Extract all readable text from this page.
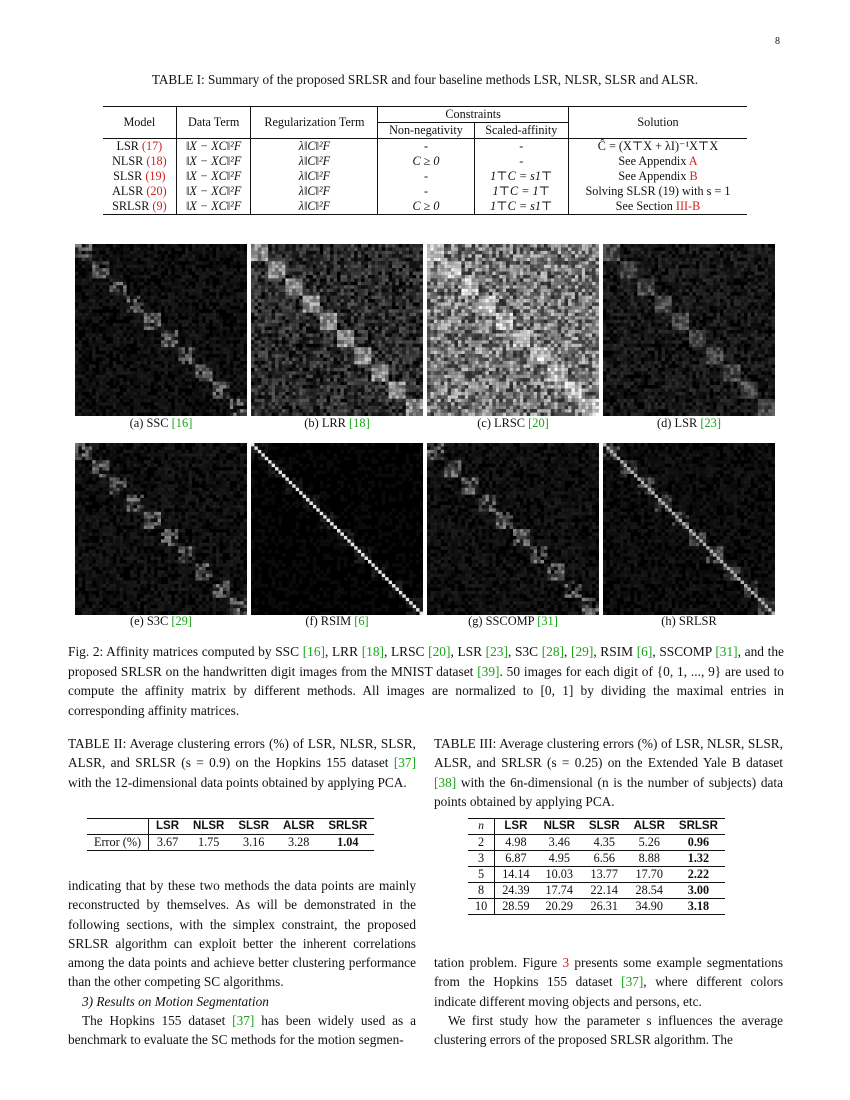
8
TABLE I: Summary of the proposed SRLSR and four baseline methods LSR, NLSR, SLSR and ALSR.
Model	Data Term	Regularization Term	Constraints		Solution
			Non-negativity	Scaled-affinity	
LSR (17)	‖X − XC‖²F	λ‖C‖²F	-	-	Ĉ = (X⊤X + λI)⁻¹X⊤X
NLSR (18)	‖X − XC‖²F	λ‖C‖²F	C ≥ 0	-	See Appendix A
SLSR (19)	‖X − XC‖²F	λ‖C‖²F	-	1⊤C = s1⊤	See Appendix B
ALSR (20)	‖X − XC‖²F	λ‖C‖²F	-	1⊤C = 1⊤	Solving SLSR (19) with s = 1
SRLSR (9)	‖X − XC‖²F	λ‖C‖²F	C ≥ 0	1⊤C = s1⊤	See Section III-B
(a) SSC [16]	(b) LRR [18]	(c) LRSC [20]	(d) LSR [23]
(e) S3C [29]	(f) RSIM [6]	(g) SSCOMP [31]	(h) SRLSR
Fig. 2: Affinity matrices computed by SSC [16], LRR [18], LRSC [20], LSR [23], S3C [28], [29], RSIM [6], SSCOMP [31], and the proposed SRLSR on the handwritten digit images from the MNIST dataset [39]. 50 images for each digit of {0, 1, ..., 9} are used to compute the affinity matrix by different methods. All images are normalized to [0, 1] by dividing the maximal entries in corresponding affinity matrices.
TABLE II: Average clustering errors (%) of LSR, NLSR, SLSR, ALSR, and SRLSR (s = 0.9) on the Hopkins 155 dataset [37] with the 12-dimensional data points obtained by applying PCA.
	LSR	NLSR	SLSR	ALSR	SRLSR
Error (%)	3.67	1.75	3.16	3.28	1.04
TABLE III: Average clustering errors (%) of LSR, NLSR, SLSR, ALSR, and SRLSR (s = 0.25) on the Extended Yale B dataset [38] with the 6n-dimensional (n is the number of subjects) data points obtained by applying PCA.
n	LSR	NLSR	SLSR	ALSR	SRLSR
2	4.98	3.46	4.35	5.26	0.96
3	6.87	4.95	6.56	8.88	1.32
5	14.14	10.03	13.77	17.70	2.22
8	24.39	17.74	22.14	28.54	3.00
10	28.59	20.29	26.31	34.90	3.18
indicating that by these two methods the data points are mainly reconstructed by themselves. As will be demonstrated in the following sections, with the simplex constraint, the proposed SRLSR algorithm can exploit better the inherent correlations among the data points and achieve better clustering performance than the other competing SC algorithms.
3) Results on Motion Segmentation
The Hopkins 155 dataset [37] has been widely used as a benchmark to evaluate the SC methods for the motion segmen-
tation problem. Figure 3 presents some example segmentations from the Hopkins 155 dataset [37], where different colors indicate different moving objects and persons, etc.
We first study how the parameter s influences the average clustering errors of the proposed SRLSR algorithm. The
